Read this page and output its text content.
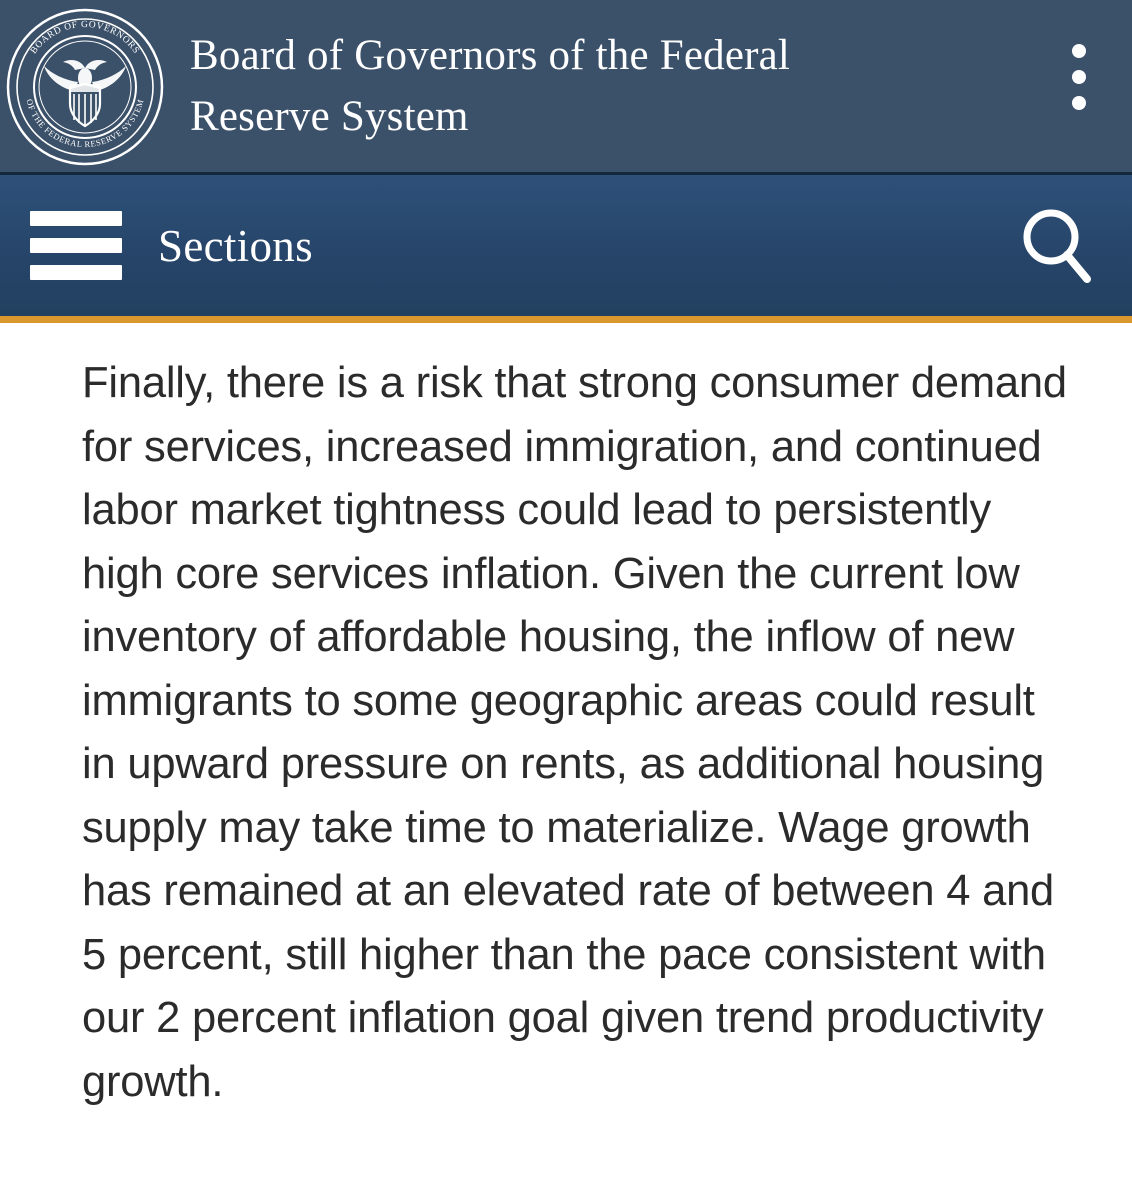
BOARD OF GOVERNORS
OF THE FEDERAL RESERVE SYSTEM
Board of Governors of the Federal Reserve System
Sections

Finally, there is a risk that strong consumer demand for services, increased immigration, and continued labor market tightness could lead to persistently high core services inflation. Given the current low inventory of affordable housing, the inflow of new immigrants to some geographic areas could result in upward pressure on rents, as additional housing supply may take time to materialize. Wage growth has remained at an elevated rate of between 4 and 5 percent, still higher than the pace consistent with our 2 percent inflation goal given trend productivity growth.
